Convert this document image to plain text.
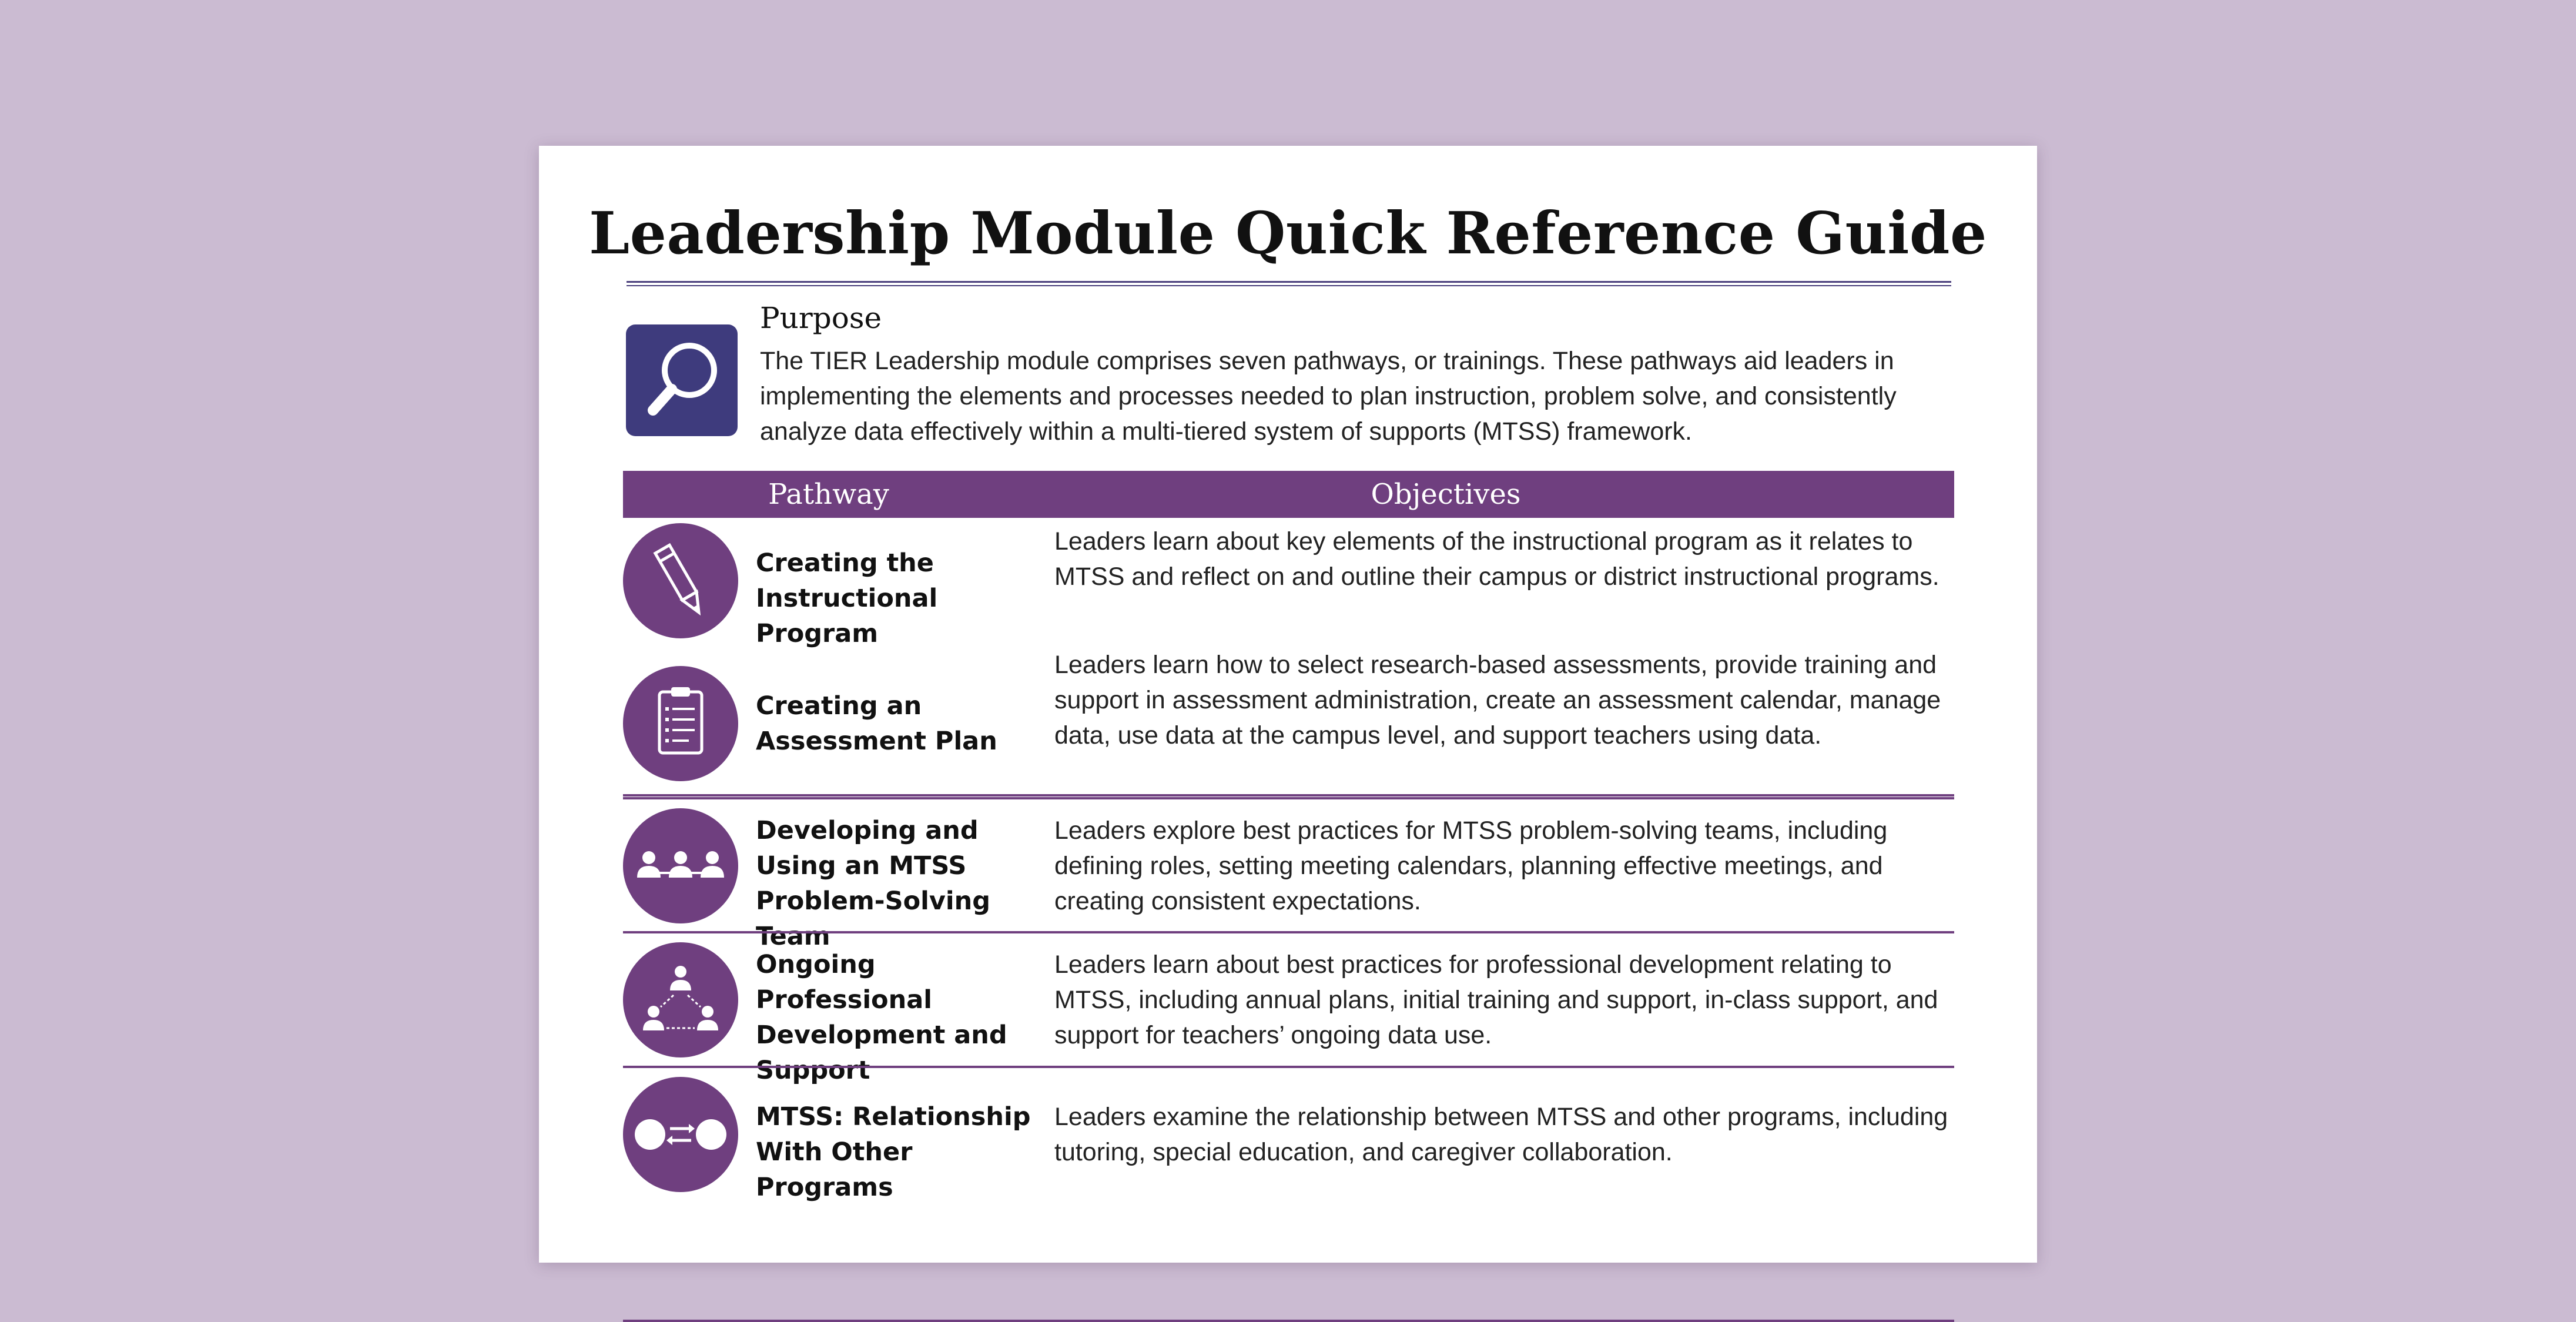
Leadership Module Quick Reference Guide
Purpose
The TIER Leadership module comprises seven pathways, or trainings. These pathways aid leaders in implementing the elements and processes needed to plan instruction, problem solve, and consistently analyze data effectively within a multi-tiered system of supports (MTSS) framework.
Pathway	Objectives
Creating the Instructional Program
Leaders learn about key elements of the instructional program as it relates to MTSS and reflect on and outline their campus or district instructional programs.
Creating an Assessment Plan
Leaders learn how to select research-based assessments, provide training and support in assessment administration, create an assessment calendar, manage data, use data at the campus level, and support teachers using data.
Developing and Using an MTSS Problem-Solving Team
Leaders explore best practices for MTSS problem-solving teams, including defining roles, setting meeting calendars, planning effective meetings, and creating consistent expectations.
Ongoing Professional Development and Support
Leaders learn about best practices for professional development relating to MTSS, including annual plans, initial training and support, in-class support, and support for teachers’ ongoing data use.
MTSS: Relationship With Other Programs
Leaders examine the relationship between MTSS and other programs, including tutoring, special education, and caregiver collaboration.
